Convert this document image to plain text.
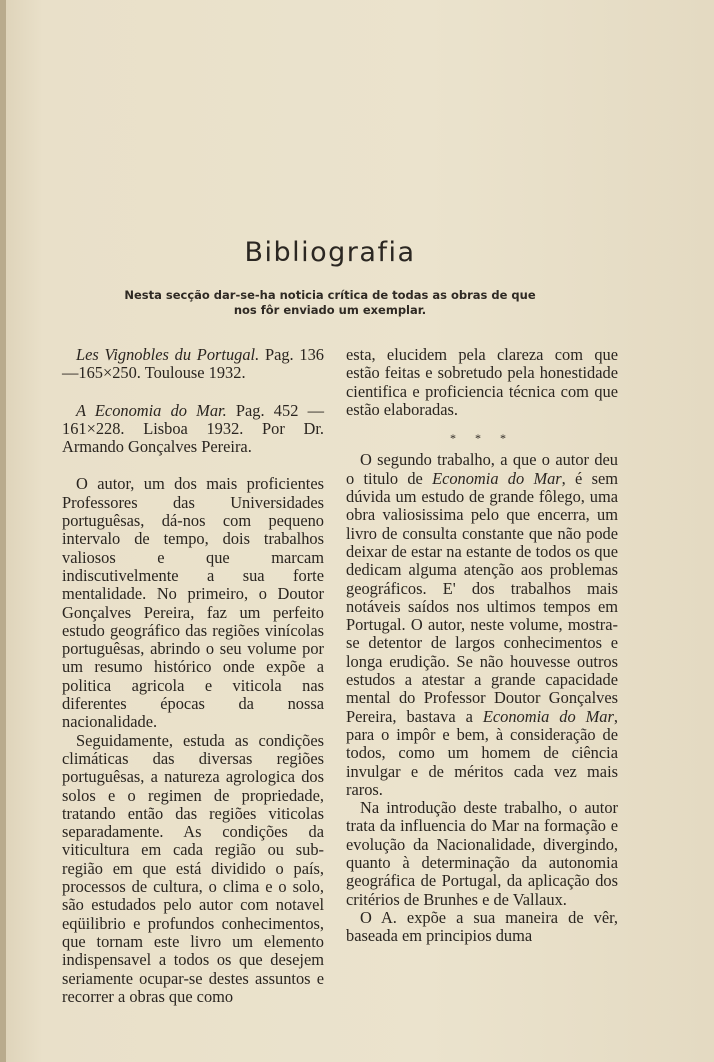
Bibliografia
Nesta secção dar-se-ha noticia crítica de todas as obras de que
nos fôr enviado um exemplar.

Les Vignobles du Portugal. Pag. 136—165×250. Toulouse 1932.

A Economia do Mar. Pag. 452 —161×228. Lisboa 1932. Por Dr. Armando Gonçalves Pereira.

O autor, um dos mais proficientes Professores das Universidades portuguêsas, dá-nos com pequeno intervalo de tempo, dois trabalhos valiosos e que marcam indiscutivelmente a sua forte mentalidade. No primeiro, o Doutor Gonçalves Pereira, faz um perfeito estudo geográfico das regiões vinícolas portuguêsas, abrindo o seu volume por um resumo histórico onde expõe a politica agricola e viticola nas diferentes épocas da nossa nacionalidade.

Seguidamente, estuda as condições climáticas das diversas regiões portuguêsas, a natureza agrologica dos solos e o regimen de propriedade, tratando então das regiões viticolas separadamente. As condições da viticultura em cada região ou sub-região em que está dividido o país, processos de cultura, o clima e o solo, são estudados pelo autor com notavel eqüilibrio e profundos conhecimentos, que tornam este livro um elemento indispensavel a todos os que desejem seriamente ocupar-se destes assuntos e recorrer a obras que como

esta, elucidem pela clareza com que estão feitas e sobretudo pela honestidade cientifica e proficiencia técnica com que estão elaboradas.

* * *

O segundo trabalho, a que o autor deu o titulo de Economia do Mar, é sem dúvida um estudo de grande fôlego, uma obra valiosissima pelo que encerra, um livro de consulta constante que não pode deixar de estar na estante de todos os que dedicam alguma atenção aos problemas geográficos. E' dos trabalhos mais notáveis saídos nos ultimos tempos em Portugal. O autor, neste volume, mostra-se detentor de largos conhecimentos e longa erudição. Se não houvesse outros estudos a atestar a grande capacidade mental do Professor Doutor Gonçalves Pereira, bastava a Economia do Mar, para o impôr e bem, à consideração de todos, como um homem de ciência invulgar e de méritos cada vez mais raros.

Na introdução deste trabalho, o autor trata da influencia do Mar na formação e evolução da Nacionalidade, divergindo, quanto à determinação da autonomia geográfica de Portugal, da aplicação dos critérios de Brunhes e de Vallaux.

O A. expõe a sua maneira de vêr, baseada em principios duma
